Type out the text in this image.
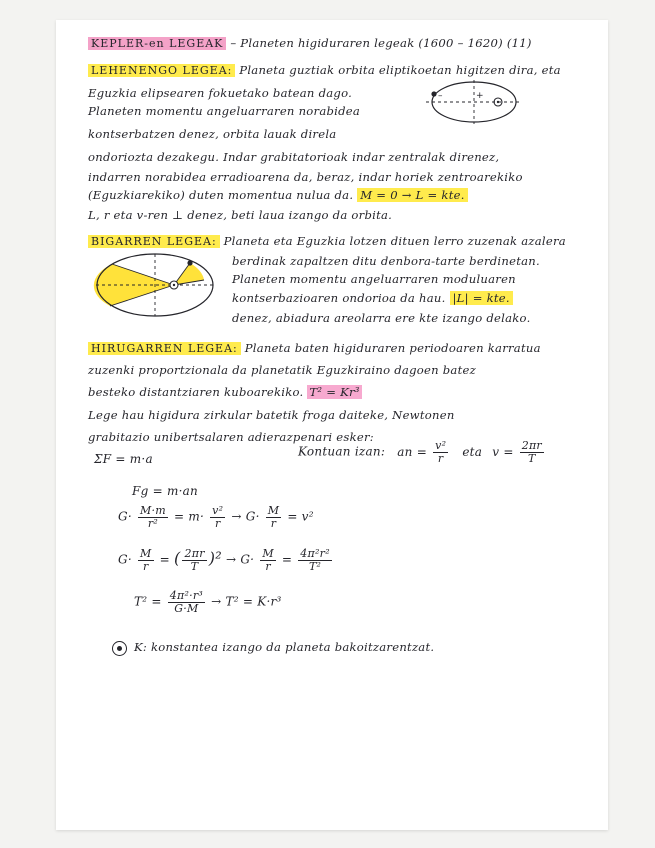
KEPLER-en LEGEAK – Planeten higiduraren legeak (1600 – 1620) (11)
LEHENENGO LEGEA: Planeta guztiak orbita eliptikoetan higitzen dira, eta
Eguzkia elipsearen fokuetako batean dago.
Planeten momentu angeluarraren norabidea
kontserbatzen denez, orbita lauak direla
ondoriozta dezakegu. Indar grabitatorioak indar zentralak direnez,
indarren norabidea erradioarena da, beraz, indar horiek zentroarekiko
(Eguzkiarekiko) duten momentua nulua da. M = 0 → L = kte.
L, r eta v-ren ⊥ denez, beti laua izango da orbita.
–	+
BIGARREN LEGEA: Planeta eta Eguzkia lotzen dituen lerro zuzenak azalera
berdinak zapaltzen ditu denbora-tarte berdinetan.
Planeten momentu angeluarraren moduluaren
kontserbazioaren ondorioa da hau. |L| = kte.
denez, abiadura areolarra ere kte izango delako.
HIRUGARREN LEGEA: Planeta baten higiduraren periodoaren karratua
zuzenki proportzionala da planetatik Eguzkiraino dagoen batez
besteko distantziaren kuboarekiko. T² = Kr³
Lege hau higidura zirkular batetik froga daiteke, Newtonen
grabitazio unibertsalaren adierazpenari esker:
ΣF = m·a
Kontuan izan: an = $\frac{\text{v²}}{r}$ eta $v = \frac{2\pi r}{T}$
Fg = m·an
$G\cdot \frac{M\cdot m}{\text{r²}} = m\cdot \frac{\text{v²}}{r} \to G\cdot \frac{M}{r} = v^2$
$G\cdot \frac{M}{r}$ = ( $\frac{2\pi r}{T} )^2 \to G\cdot \frac{M}{r} = \frac{\text{4π²r²}}{\text{T²}}$
$T^2 = \frac{\text{4π²·r³}}{G\cdot M} \to T^2 = K\cdot r^3$
K: konstantea izango da planeta bakoitzarentzat.
